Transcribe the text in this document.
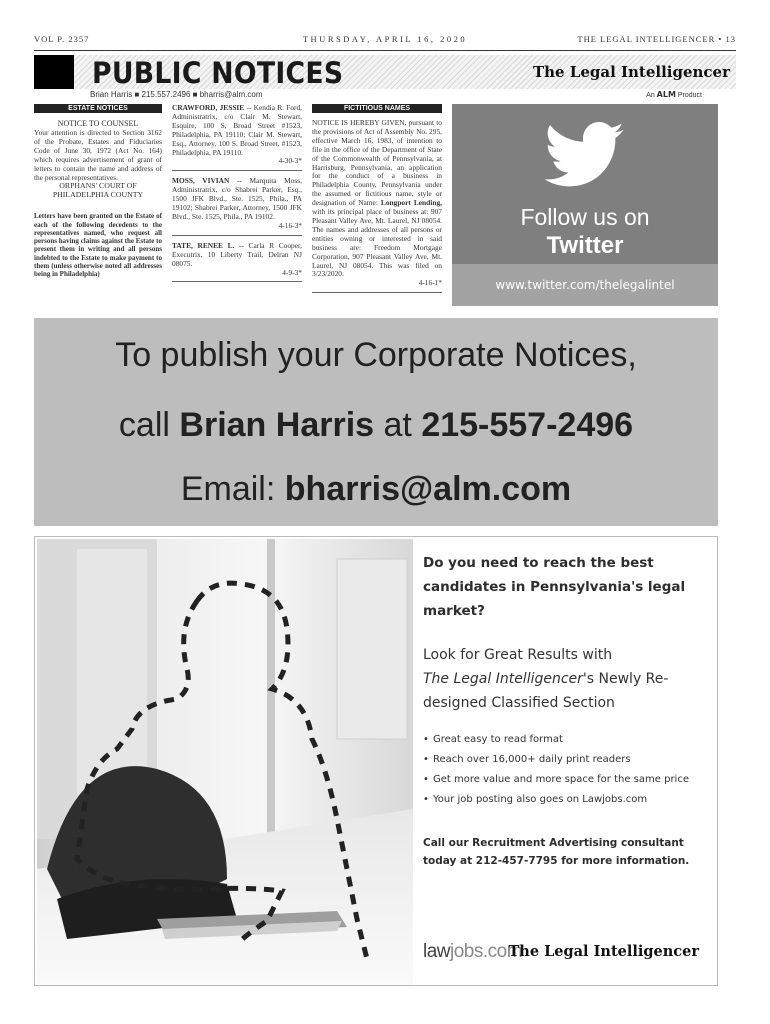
VOL P. 2357	THURSDAY, APRIL 16, 2020	THE LEGAL INTELLIGENCER • 13
PUBLIC NOTICES	The Legal Intelligencer
Brian Harris ■ 215.557.2496 ■ bharris@alm.com	An ALM Product
ESTATE NOTICES
NOTICE TO COUNSEL
Your attention is directed to Section 3162 of the Probate, Estates and Fiduciaries Code of June 30, 1972 (Act No. 164) which requires advertisement of grant of letters to contain the name and address of the personal representatives.
ORPHANS' COURT OF PHILADELPHIA COUNTY
Letters have been granted on the Estate of each of the following decedents to the representatives named, who request all persons having claims against the Estate to present them in writing and all persons indebted to the Estate to make payment to them (unless otherwise noted all addresses being in Philadelphia)
CRAWFORD, JESSIE -- Kendia R. Ford, Administratrix, c/o Clair M. Stewart, Esquire, 100 S, Broad Street #1523, Philadelphia, PA 19110; Clair M. Stewart, Esq., Attorney, 100 S. Broad Street, #1523, Philadelphia, PA 19110.
4-30-3*
MOSS, VIVIAN -- Marquita Moss, Administratrix, c/o Shabrei Parker, Esq., 1500 JFK Blvd., Ste. 1525, Phila., PA 19102; Shabrei Parker, Attorney, 1500 JFK Blvd., Ste. 1525, Phila., PA 19102.
4-16-3*
TATE, RENEE L. -- Carla R Cooper, Executrix, 10 Liberty Trail, Delran NJ 08075.
4-9-3*
FICTITIOUS NAMES
NOTICE IS HEREBY GIVEN, pursuant to the provisions of Act of Assembly No. 295, effective March 16, 1983, of intention to file in the office of the Department of State of the Commonwealth of Pennsylvania, at Harrisburg, Pennsylvania, an application for the conduct of a business in Philadelphia County, Pennsylvania under the assumed or fictitious name, style or designation of Name: Longport Lending, with its principal place of business at: 907 Pleasant Valley Ave, Mt. Laurel, NJ 08054. The names and addresses of all persons or entities owning or interested in said business are: Freedom Mortgage Corporation, 907 Pleasant Valley Ave, Mt. Laurel, NJ 08054. This was filed on 3/23/2020.
4-16-1*
Follow us on
Twitter
www.twitter.com/thelegalintel
To publish your Corporate Notices,
call Brian Harris at 215-557-2496
Email: bharris@alm.com
Do you need to reach the best candidates in Pennsylvania's legal market?
Look for Great Results with
The Legal Intelligencer's Newly Re-designed Classified Section
• Great easy to read format
• Reach over 16,000+ daily print readers
• Get more value and more space for the same price
• Your job posting also goes on Lawjobs.com
Call our Recruitment Advertising consultant today at 212-457-7795 for more information.
lawjobs.com
The Legal Intelligencer
